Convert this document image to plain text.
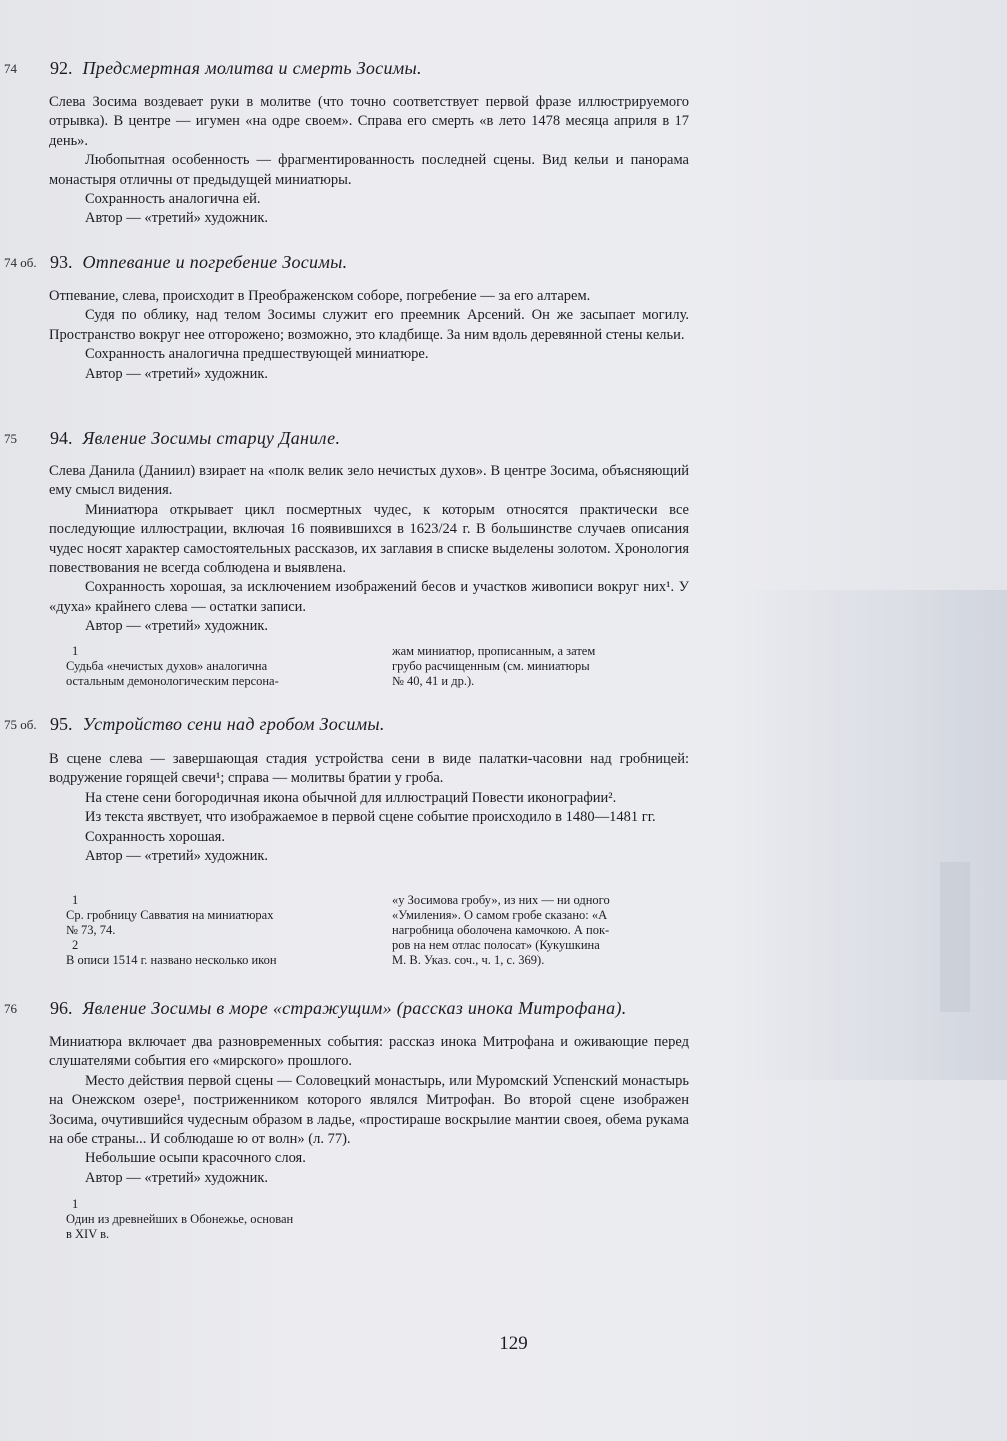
74 92. Предсмертная молитва и смерть Зосимы.

Слева Зосима воздевает руки в молитве (что точно соответствует первой фразе иллюстрируемого отрывка). В центре — игумен «на одре своем». Справа его смерть «в лето 1478 месяца априля в 17 день».

Любопытная особенность — фрагментированность последней сцены. Вид кельи и панорама монастыря отличны от предыдущей миниатюры.

Сохранность аналогична ей.

Автор — «третий» художник.

74 об. 93. Отпевание и погребение Зосимы.

Отпевание, слева, происходит в Преображенском соборе, погребение — за его алтарем.

Судя по облику, над телом Зосимы служит его преемник Арсений. Он же засыпает могилу. Пространство вокруг нее отгорожено; возможно, это кладбище. За ним вдоль деревянной стены кельи.

Сохранность аналогична предшествующей миниатюре.

Автор — «третий» художник.

75 94. Явление Зосимы старцу Даниле.

Слева Данила (Даниил) взирает на «полк велик зело нечистых духов». В центре Зосима, объясняющий ему смысл видения.

Миниатюра открывает цикл посмертных чудес, к которым относятся практически все последующие иллюстрации, включая 16 появившихся в 1623/24 г. В большинстве случаев описания чудес носят характер самостоятельных рассказов, их заглавия в списке выделены золотом. Хронология повествования не всегда соблюдена и выявлена.

Сохранность хорошая, за исключением изображений бесов и участков живописи вокруг них¹. У «духа» крайнего слева — остатки записи.

Автор — «третий» художник.

1

Судьба «нечистых духов» аналогична

остальным демонологическим персона-

жам миниатюр, прописанным, а затем

грубо расчищенным (см. миниатюры

№ 40, 41 и др.).

75 об. 95. Устройство сени над гробом Зосимы.

В сцене слева — завершающая стадия устройства сени в виде палатки-часовни над гробницей: водружение горящей свечи¹; справа — молитвы братии у гроба.

На стене сени богородичная икона обычной для иллюстраций Повести иконографии².

Из текста явствует, что изображаемое в первой сцене событие происходило в 1480—1481 гг.

Сохранность хорошая.

Автор — «третий» художник.

1

Ср. гробницу Савватия на миниатюрах

№ 73, 74.

2

В описи 1514 г. названо несколько икон

«у Зосимова гробу», из них — ни одного

«Умиления». О самом гробе сказано: «А

нагробница оболочена камочкою. А пок-

ров на нем отлас полосат» (Кукушкина

М. В. Указ. соч., ч. 1, с. 369).

76 96. Явление Зосимы в море «стражущим» (рассказ инока Митрофана).

Миниатюра включает два разновременных события: рассказ инока Митрофана и оживающие перед слушателями события его «мирского» прошлого.

Место действия первой сцены — Соловецкий монастырь, или Муромский Успенский монастырь на Онежском озере¹, постриженником которого являлся Митрофан. Во второй сцене изображен Зосима, очутившийся чудесным образом в ладье, «простираше воскрылие мантии своея, обема рукама на обе страны... И соблюдаше ю от волн» (л. 77).

Небольшие осыпи красочного слоя.

Автор — «третий» художник.

1

Один из древнейших в Обонежье, основан

в XIV в.

129
